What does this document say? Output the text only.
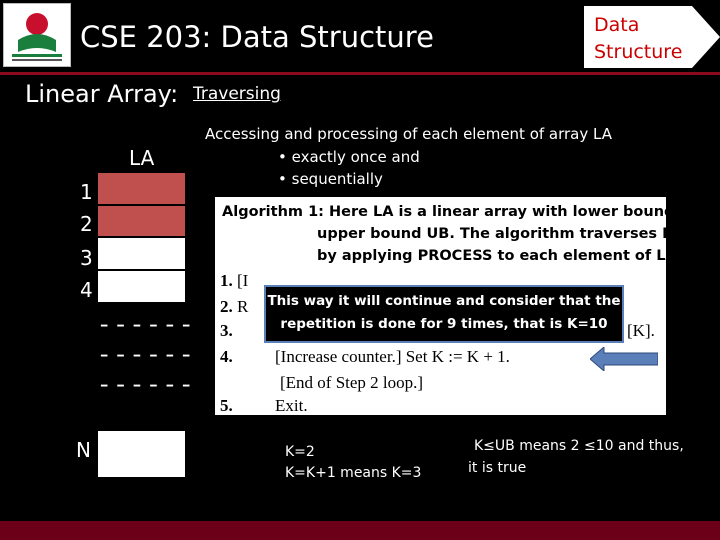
CSE 203: Data Structure	Data
Structure
Linear Array: Traversing
Accessing and processing of each element of array LA
• exactly once and
• sequentially
LA
1
2
3
4
N
------
------
------
Algorithm 1: Here LA is a linear array with lower bound LB
upper bound UB. The algorithm traverses LA
by applying PROCESS to each element of LA.
1. [I
2. R
3.	[K].
4. [Increase counter.] Set K := K + 1.
[End of Step 2 loop.]
5. Exit.
This way it will continue and consider that the
repetition is done for 9 times, that is K=10
K=2
K=K+1 means K=3
K≤UB means 2 ≤10 and thus,
it is true
